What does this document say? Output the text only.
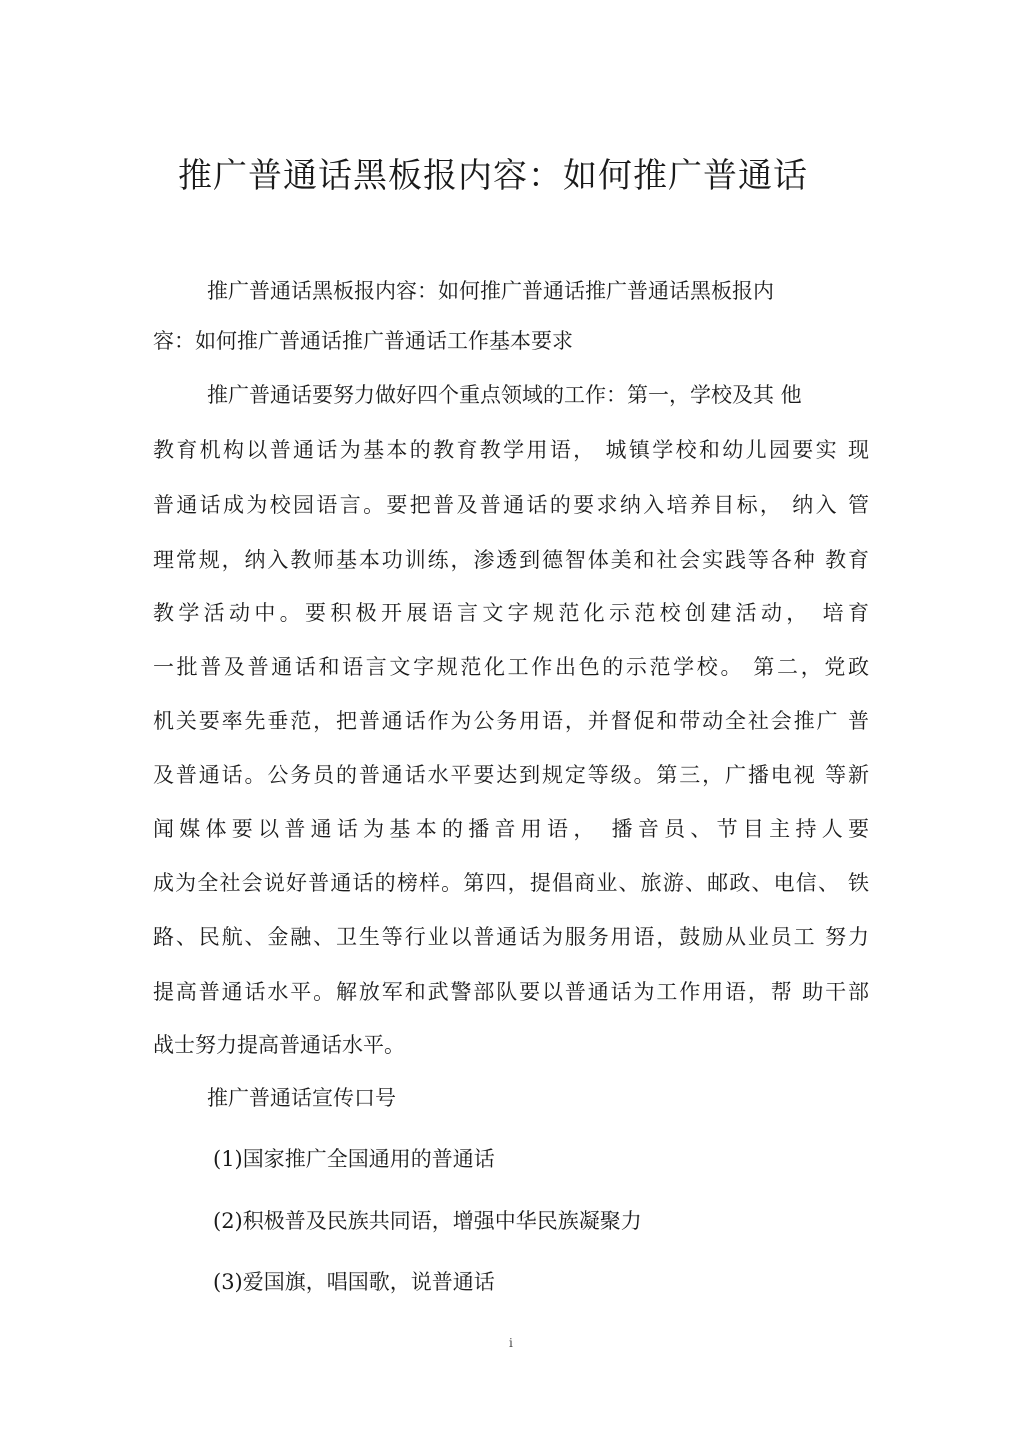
推广普通话黑板报内容：如何推广普通话
推广普通话黑板报内容：如何推广普通话推广普通话黑板报内
容：如何推广普通话推广普通话工作基本要求
推广普通话要努力做好四个重点领域的工作：第一，学校及其 他
教育机构以普通话为基本的教育教学用语， 城镇学校和幼儿园要实 现
普通话成为校园语言。要把普及普通话的要求纳入培养目标， 纳入 管
理常规，纳入教师基本功训练，渗透到德智体美和社会实践等各种 教育
教学活动中。要积极开展语言文字规范化示范校创建活动， 培育
一批普及普通话和语言文字规范化工作出色的示范学校。 第二，党政
机关要率先垂范，把普通话作为公务用语，并督促和带动全社会推广 普
及普通话。公务员的普通话水平要达到规定等级。第三，广播电视 等新
闻媒体要以普通话为基本的播音用语， 播音员、节目主持人要
成为全社会说好普通话的榜样。第四，提倡商业、旅游、邮政、电信、 铁
路、民航、金融、卫生等行业以普通话为服务用语，鼓励从业员工 努力
提高普通话水平。解放军和武警部队要以普通话为工作用语，帮 助干部
战士努力提高普通话水平。
推广普通话宣传口号
(1)国家推广全国通用的普通话
(2)积极普及民族共同语，增强中华民族凝聚力
(3)爱国旗，唱国歌，说普通话
i
